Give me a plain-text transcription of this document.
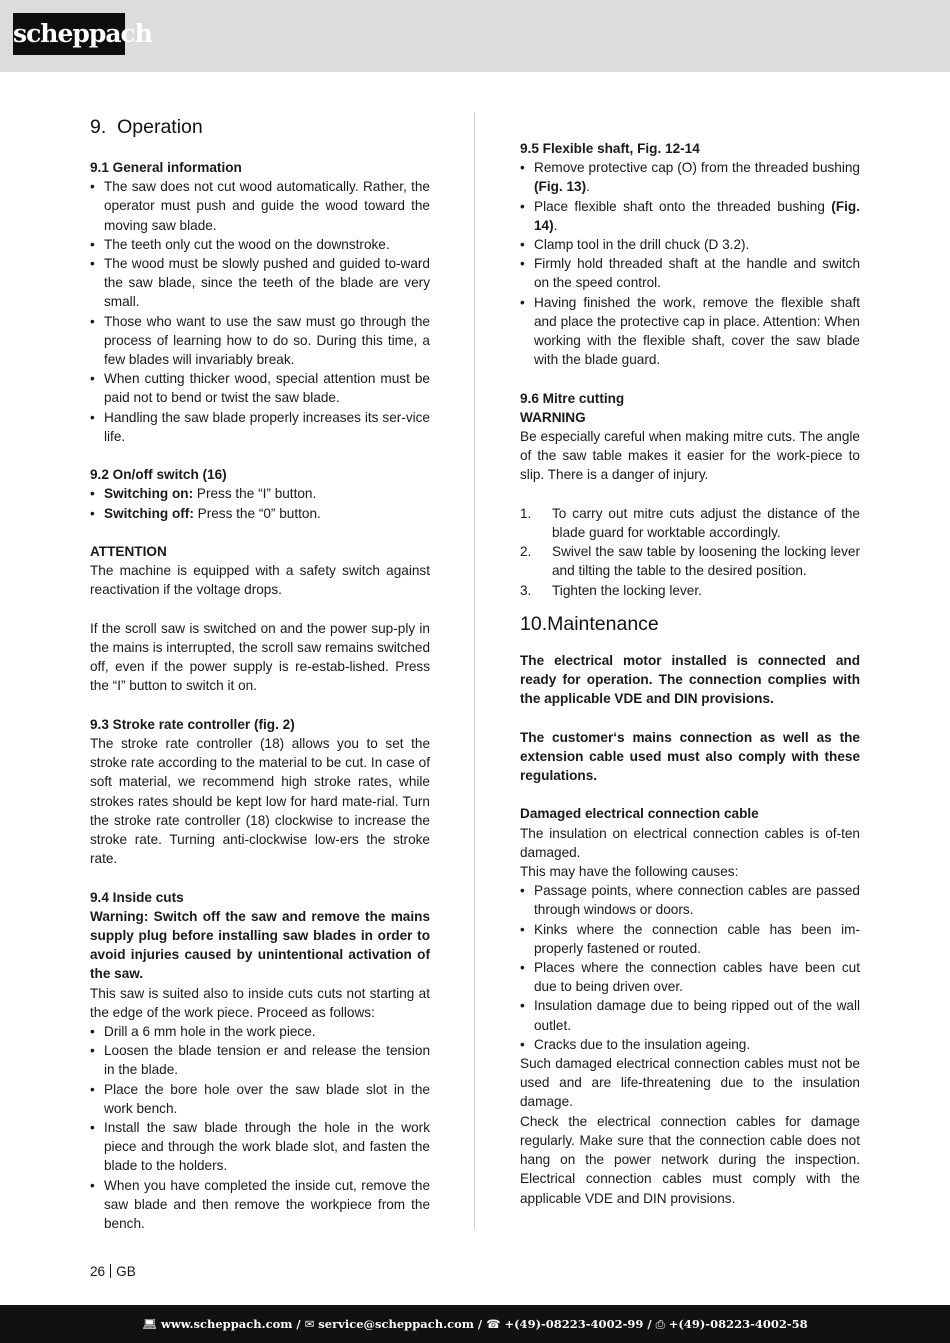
scheppach
9. Operation
9.1 General information
• The saw does not cut wood automatically. Rather, the operator must push and guide the wood toward the moving saw blade.
• The teeth only cut the wood on the downstroke.
• The wood must be slowly pushed and guided to-ward the saw blade, since the teeth of the blade are very small.
• Those who want to use the saw must go through the process of learning how to do so. During this time, a few blades will invariably break.
• When cutting thicker wood, special attention must be paid not to bend or twist the saw blade.
• Handling the saw blade properly increases its ser-vice life.
9.2 On/off switch (16)
• Switching on: Press the “I” button.
• Switching off: Press the “0” button.
ATTENTION

The machine is equipped with a safety switch against reactivation if the voltage drops.

If the scroll saw is switched on and the power sup-ply in the mains is interrupted, the scroll saw remains switched off, even if the power supply is re-estab-lished. Press the “I” button to switch it on.

9.3 Stroke rate controller (fig. 2)

The stroke rate controller (18) allows you to set the stroke rate according to the material to be cut. In case of soft material, we recommend high stroke rates, while strokes rates should be kept low for hard mate-rial. Turn the stroke rate controller (18) clockwise to increase the stroke rate. Turning anti-clockwise low-ers the stroke rate.

9.4 Inside cuts

Warning: Switch off the saw and remove the mains supply plug before installing saw blades in order to avoid injuries caused by unintentional activation of the saw.

This saw is suited also to inside cuts cuts not starting at the edge of the work piece. Proceed as follows:

• Drill a 6 mm hole in the work piece.
• Loosen the blade tension er and release the tension in the blade.
• Place the bore hole over the saw blade slot in the work bench.
• Install the saw blade through the hole in the work piece and through the work blade slot, and fasten the blade to the holders.
• When you have completed the inside cut, remove the saw blade and then remove the workpiece from the bench.
9.5 Flexible shaft, Fig. 12-14
• Remove protective cap (O) from the threaded bushing (Fig. 13).
• Place flexible shaft onto the threaded bushing (Fig. 14).
• Clamp tool in the drill chuck (D 3.2).
• Firmly hold threaded shaft at the handle and switch on the speed control.
• Having finished the work, remove the flexible shaft and place the protective cap in place. Attention: When working with the flexible shaft, cover the saw blade with the blade guard.
9.6 Mitre cutting
WARNING

Be especially careful when making mitre cuts. The angle of the saw table makes it easier for the work-piece to slip. There is a danger of injury.

1. To carry out mitre cuts adjust the distance of the blade guard for worktable accordingly.
2. Swivel the saw table by loosening the locking lever and tilting the table to the desired position.
3. Tighten the locking lever.
10.Maintenance

The electrical motor installed is connected and ready for operation. The connection complies with the applicable VDE and DIN provisions.

The customer‘s mains connection as well as the extension cable used must also comply with these regulations.

Damaged electrical connection cable

The insulation on electrical connection cables is of-ten damaged.

This may have the following causes:

• Passage points, where connection cables are passed through windows or doors.
• Kinks where the connection cable has been im-properly fastened or routed.
• Places where the connection cables have been cut due to being driven over.
• Insulation damage due to being ripped out of the wall outlet.
• Cracks due to the insulation ageing.

Such damaged electrical connection cables must not be used and are life-threatening due to the insulation damage.

Check the electrical connection cables for damage regularly. Make sure that the connection cable does not hang on the power network during the inspection. Electrical connection cables must comply with the applicable VDE and DIN provisions.

26 GB
💻︎ www.scheppach.com / ✉︎ service@scheppach.com / ☎ +(49)-08223-4002-99 / ⎙ +(49)-08223-4002-58
